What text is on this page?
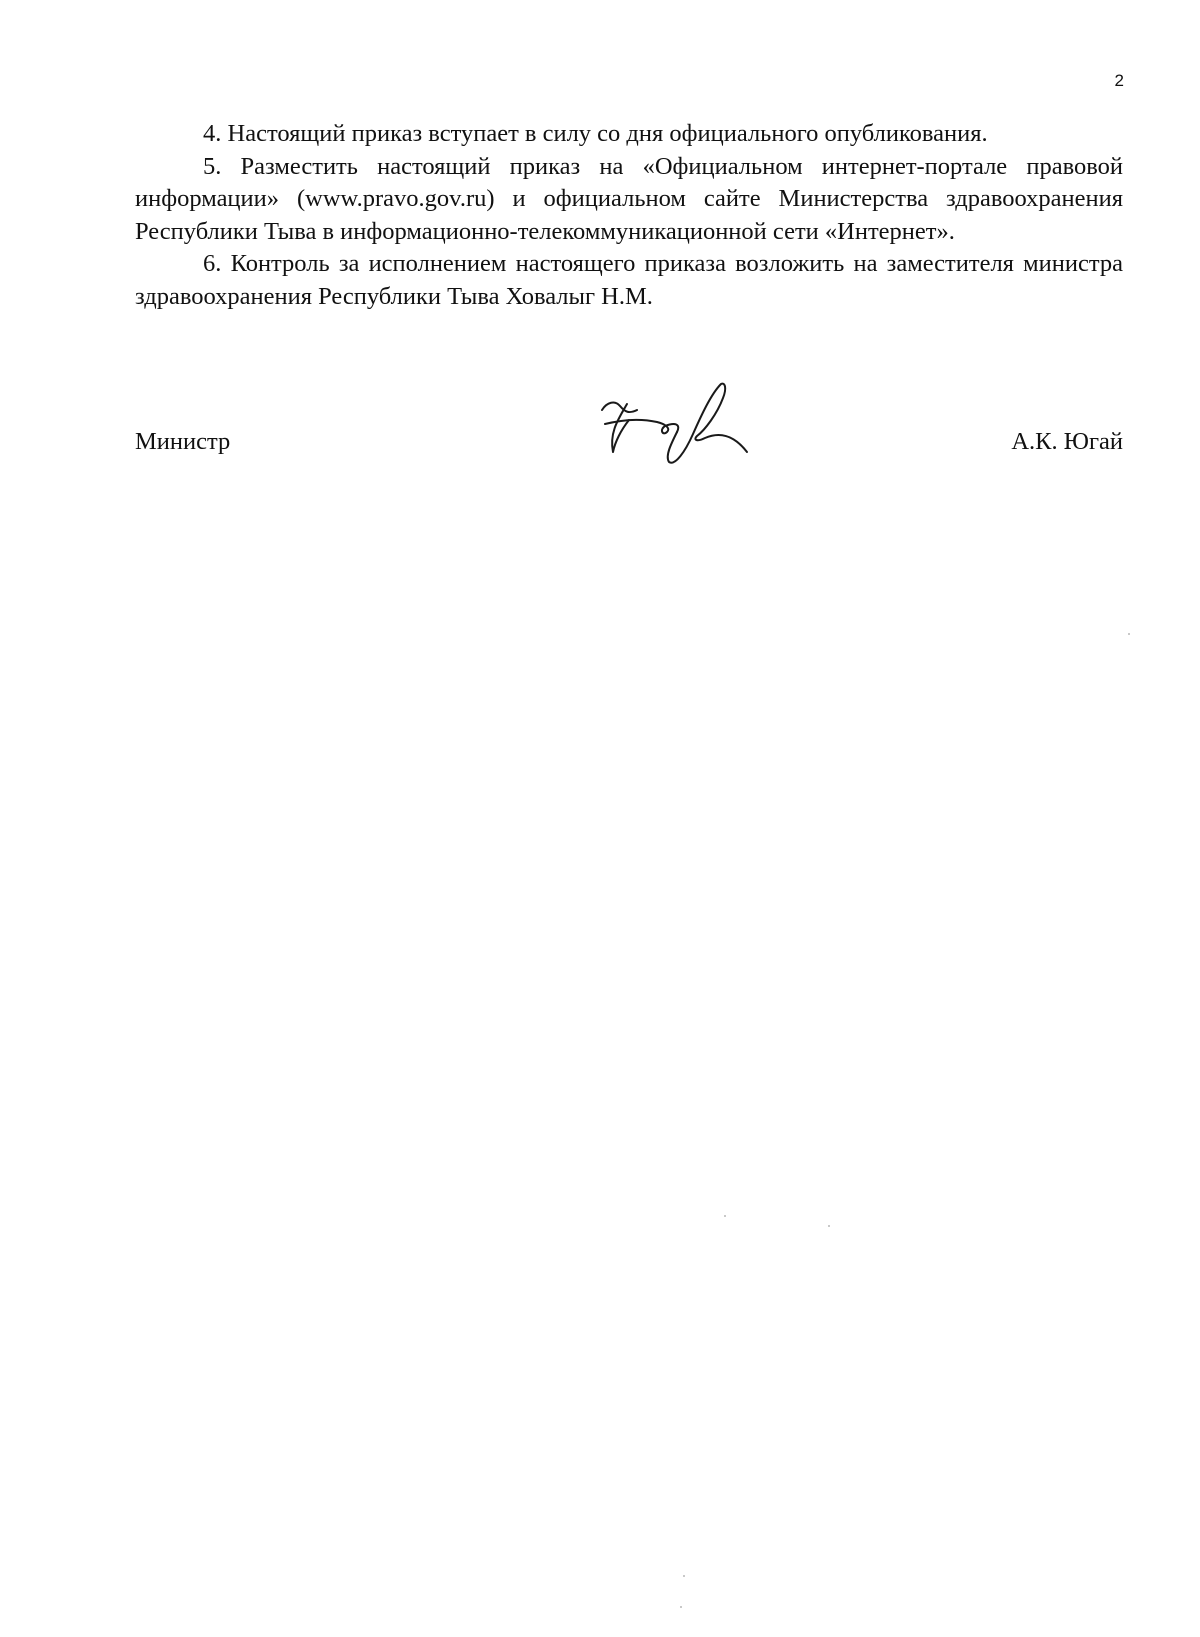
2

4. Настоящий приказ вступает в силу со дня официального опубликования.

5. Разместить настоящий приказ на «Официальном интернет-портале правовой информации» (www.pravo.gov.ru) и официальном сайте Министерства здравоохранения Республики Тыва в информационно-телекоммуникационной сети «Интернет».

6. Контроль за исполнением настоящего приказа возложить на заместителя министра здравоохранения Республики Тыва Ховалыг Н.М.

Министр	А.К. Югай
